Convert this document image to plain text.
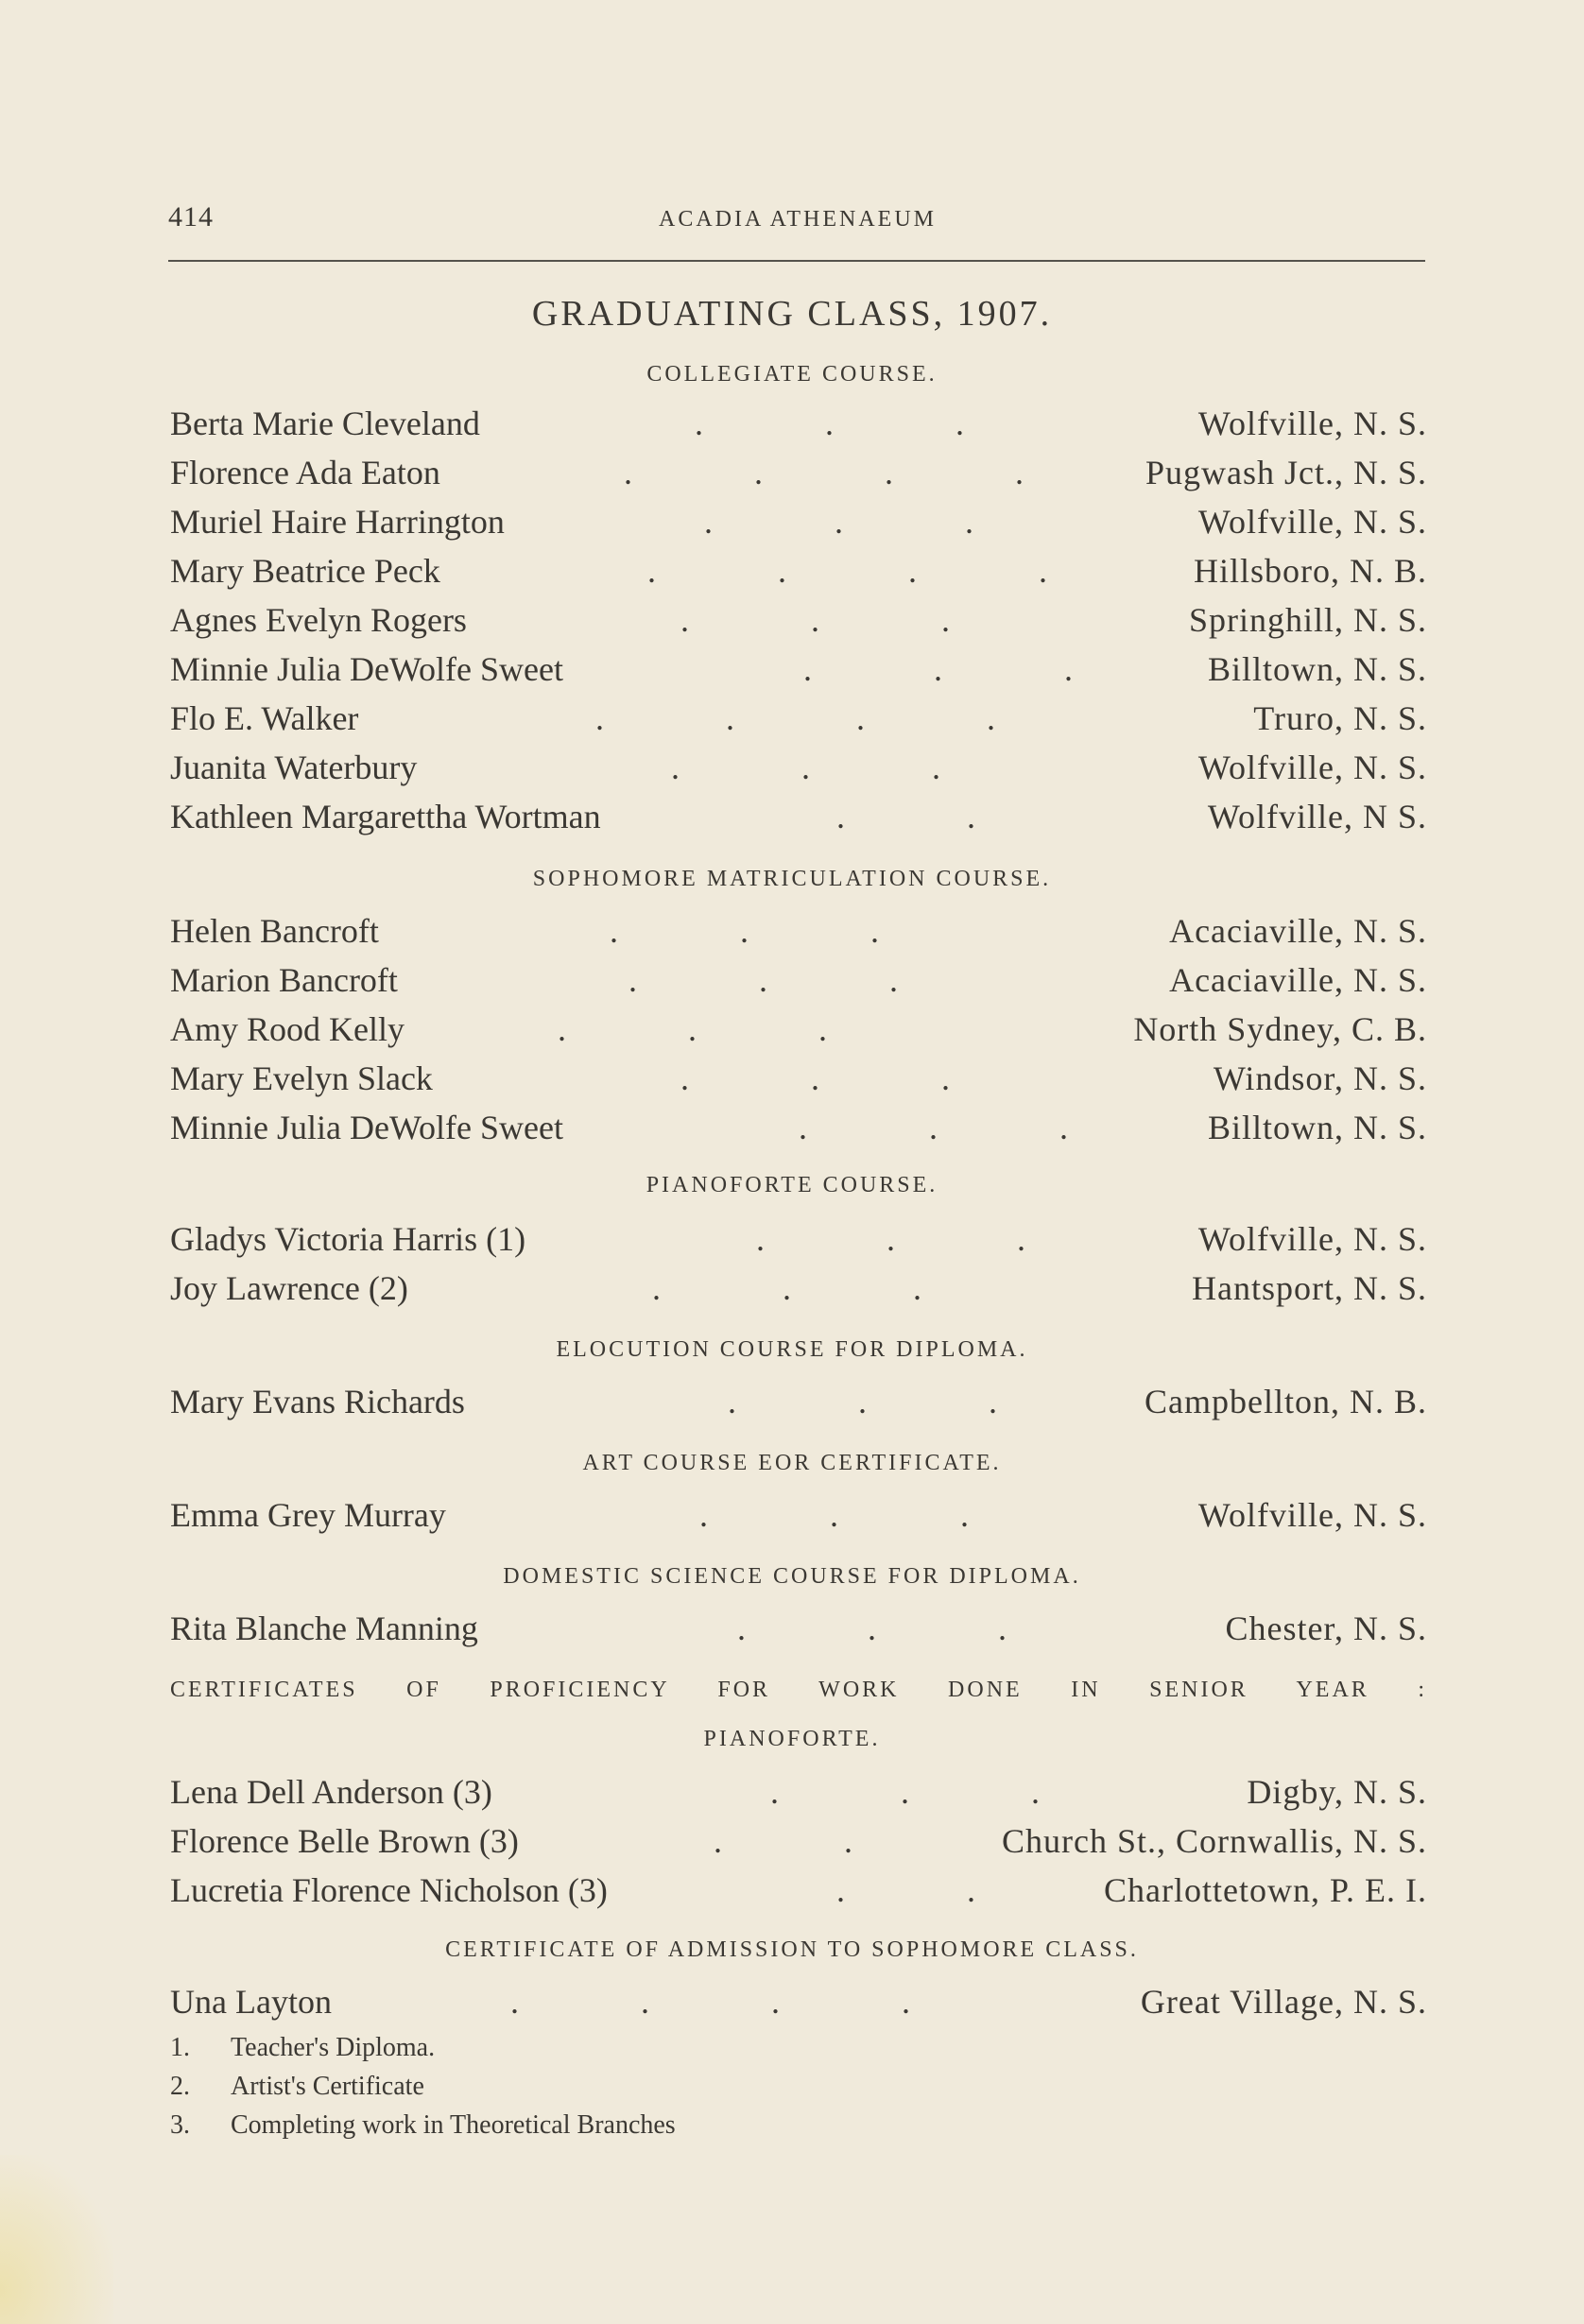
414	ACADIA ATHENAEUM
GRADUATING CLASS, 1907.
COLLEGIATE COURSE.
Berta Marie Cleveland	. . .	Wolfville, N. S.
Florence Ada Eaton	. . . . Pugwash Jct., N. S.
Muriel Haire Harrington	. . .	Wolfville, N. S.
Mary Beatrice Peck	. . . .	Hillsboro, N. B.
Agnes Evelyn Rogers	. . .	Springhill, N. S.
Minnie Julia DeWolfe Sweet	. . . Billtown, N. S.
Flo E. Walker	. . . .	Truro, N. S.
Juanita Waterbury	. . .	Wolfville, N. S.
Kathleen Margarettha Wortman	. .	Wolfville, N S.
SOPHOMORE MATRICULATION COURSE.
Helen Bancroft	. . .	Acaciaville, N. S.
Marion Bancroft	. . .	Acaciaville, N. S.
Amy Rood Kelly	. . .	North Sydney, C. B.
Mary Evelyn Slack	. . .	Windsor, N. S.
Minnie Julia DeWolfe Sweet	. . . Billtown, N. S.
PIANOFORTE COURSE.
Gladys Victoria Harris (1)	. . .	Wolfville, N. S.
Joy Lawrence (2)	. . .	Hantsport, N. S.
ELOCUTION COURSE FOR DIPLOMA.
Mary Evans Richards	. . .	Campbellton, N. B.
ART COURSE EOR CERTIFICATE.
Emma Grey Murray	. . .	Wolfville, N. S.
DOMESTIC SCIENCE COURSE FOR DIPLOMA.
Rita Blanche Manning	. . .	Chester, N. S.
CERTIFICATES OF PROFICIENCY FOR WORK DONE IN SENIOR YEAR :
PIANOFORTE.
Lena Dell Anderson (3)	. . .	Digby, N. S.
Florence Belle Brown (3)	. .	Church St., Cornwallis, N. S.
Lucretia Florence Nicholson (3)	. . Charlottetown, P. E. I.
CERTIFICATE OF ADMISSION TO SOPHOMORE CLASS.
Una Layton	. . . .	Great Village, N. S.
1. Teacher's Diploma.
2. Artist's Certificate
3. Completing work in Theoretical Branches
